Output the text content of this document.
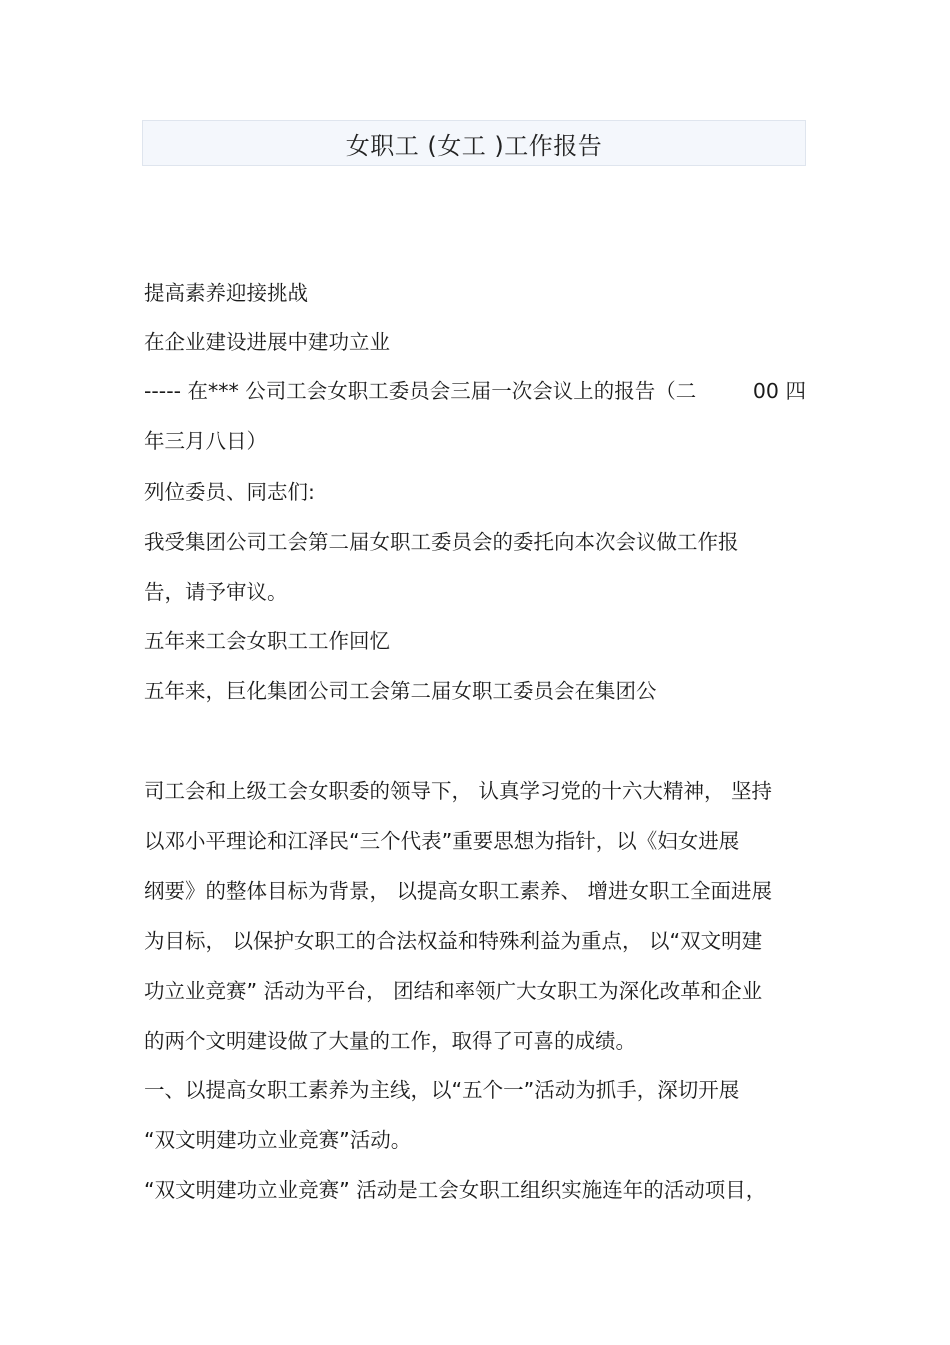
女职工 (女工 )工作报告
提高素养迎接挑战
在企业建设进展中建功立业
----- 在*** 公司工会女职工委员会三届一次会议上的报告（二	00 四
年三月八日）
列位委员、同志们:
我受集团公司工会第二届女职工委员会的委托向本次会议做工作报
告，请予审议。
五年来工会女职工工作回忆
五年来，巨化集团公司工会第二届女职工委员会在集团公
司工会和上级工会女职委的领导下， 认真学习党的十六大精神， 坚持
以邓小平理论和江泽民“三个代表”重要思想为指针，以《妇女进展
纲要》的整体目标为背景， 以提高女职工素养、 增进女职工全面进展
为目标， 以保护女职工的合法权益和特殊利益为重点， 以“双文明建
功立业竞赛” 活动为平台， 团结和率领广大女职工为深化改革和企业
的两个文明建设做了大量的工作，取得了可喜的成绩。
一、以提高女职工素养为主线，以“五个一”活动为抓手，深切开展
“双文明建功立业竞赛”活动。
“双文明建功立业竞赛” 活动是工会女职工组织实施连年的活动项目，
